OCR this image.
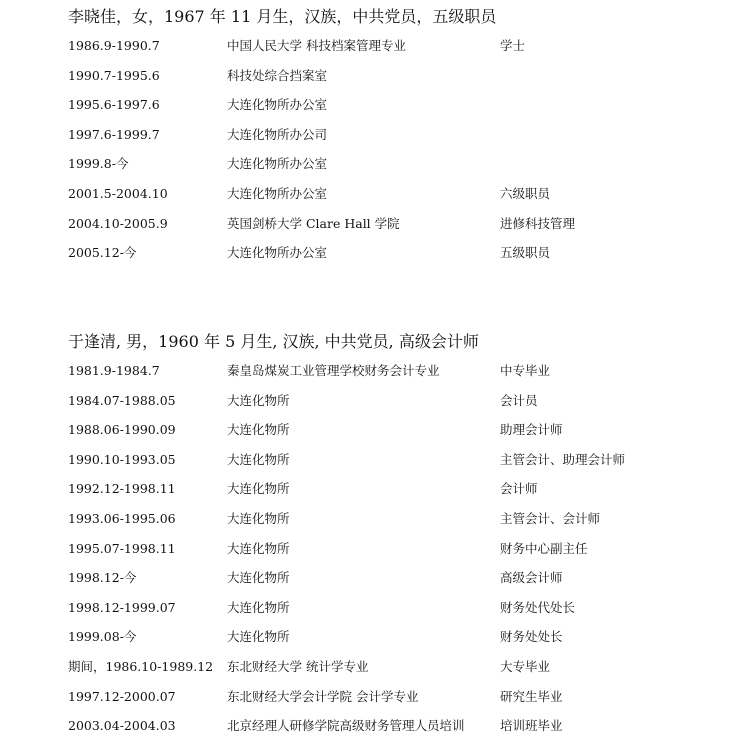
李晓佳，女，1967 年 11 月生，汉族，中共党员，五级职员
1986.9-1990.7	中国人民大学 科技档案管理专业	学士
1990.7-1995.6	科技处综合挡案室
1995.6-1997.6	大连化物所办公室
1997.6-1999.7	大连化物所办公司
1999.8-今	大连化物所办公室
2001.5-2004.10	大连化物所办公室	六级职员
2004.10-2005.9	英国剑桥大学 Clare Hall 学院	进修科技管理
2005.12-今	大连化物所办公室	五级职员
于逢清, 男，1960 年 5 月生, 汉族, 中共党员, 高级会计师
1981.9-1984.7	秦皇岛煤炭工业管理学校财务会计专业	中专毕业
1984.07-1988.05	大连化物所	会计员
1988.06-1990.09	大连化物所	助理会计师
1990.10-1993.05	大连化物所	主管会计、助理会计师
1992.12-1998.11	大连化物所	会计师
1993.06-1995.06	大连化物所	主管会计、会计师
1995.07-1998.11	大连化物所	财务中心副主任
1998.12-今	大连化物所	高级会计师
1998.12-1999.07	大连化物所	财务处代处长
1999.08-今	大连化物所	财务处处长
期间，1986.10-1989.12	东北财经大学 统计学专业	大专毕业
1997.12-2000.07	东北财经大学会计学院 会计学专业	研究生毕业
2003.04-2004.03	北京经理人研修学院高级财务管理人员培训	培训班毕业
